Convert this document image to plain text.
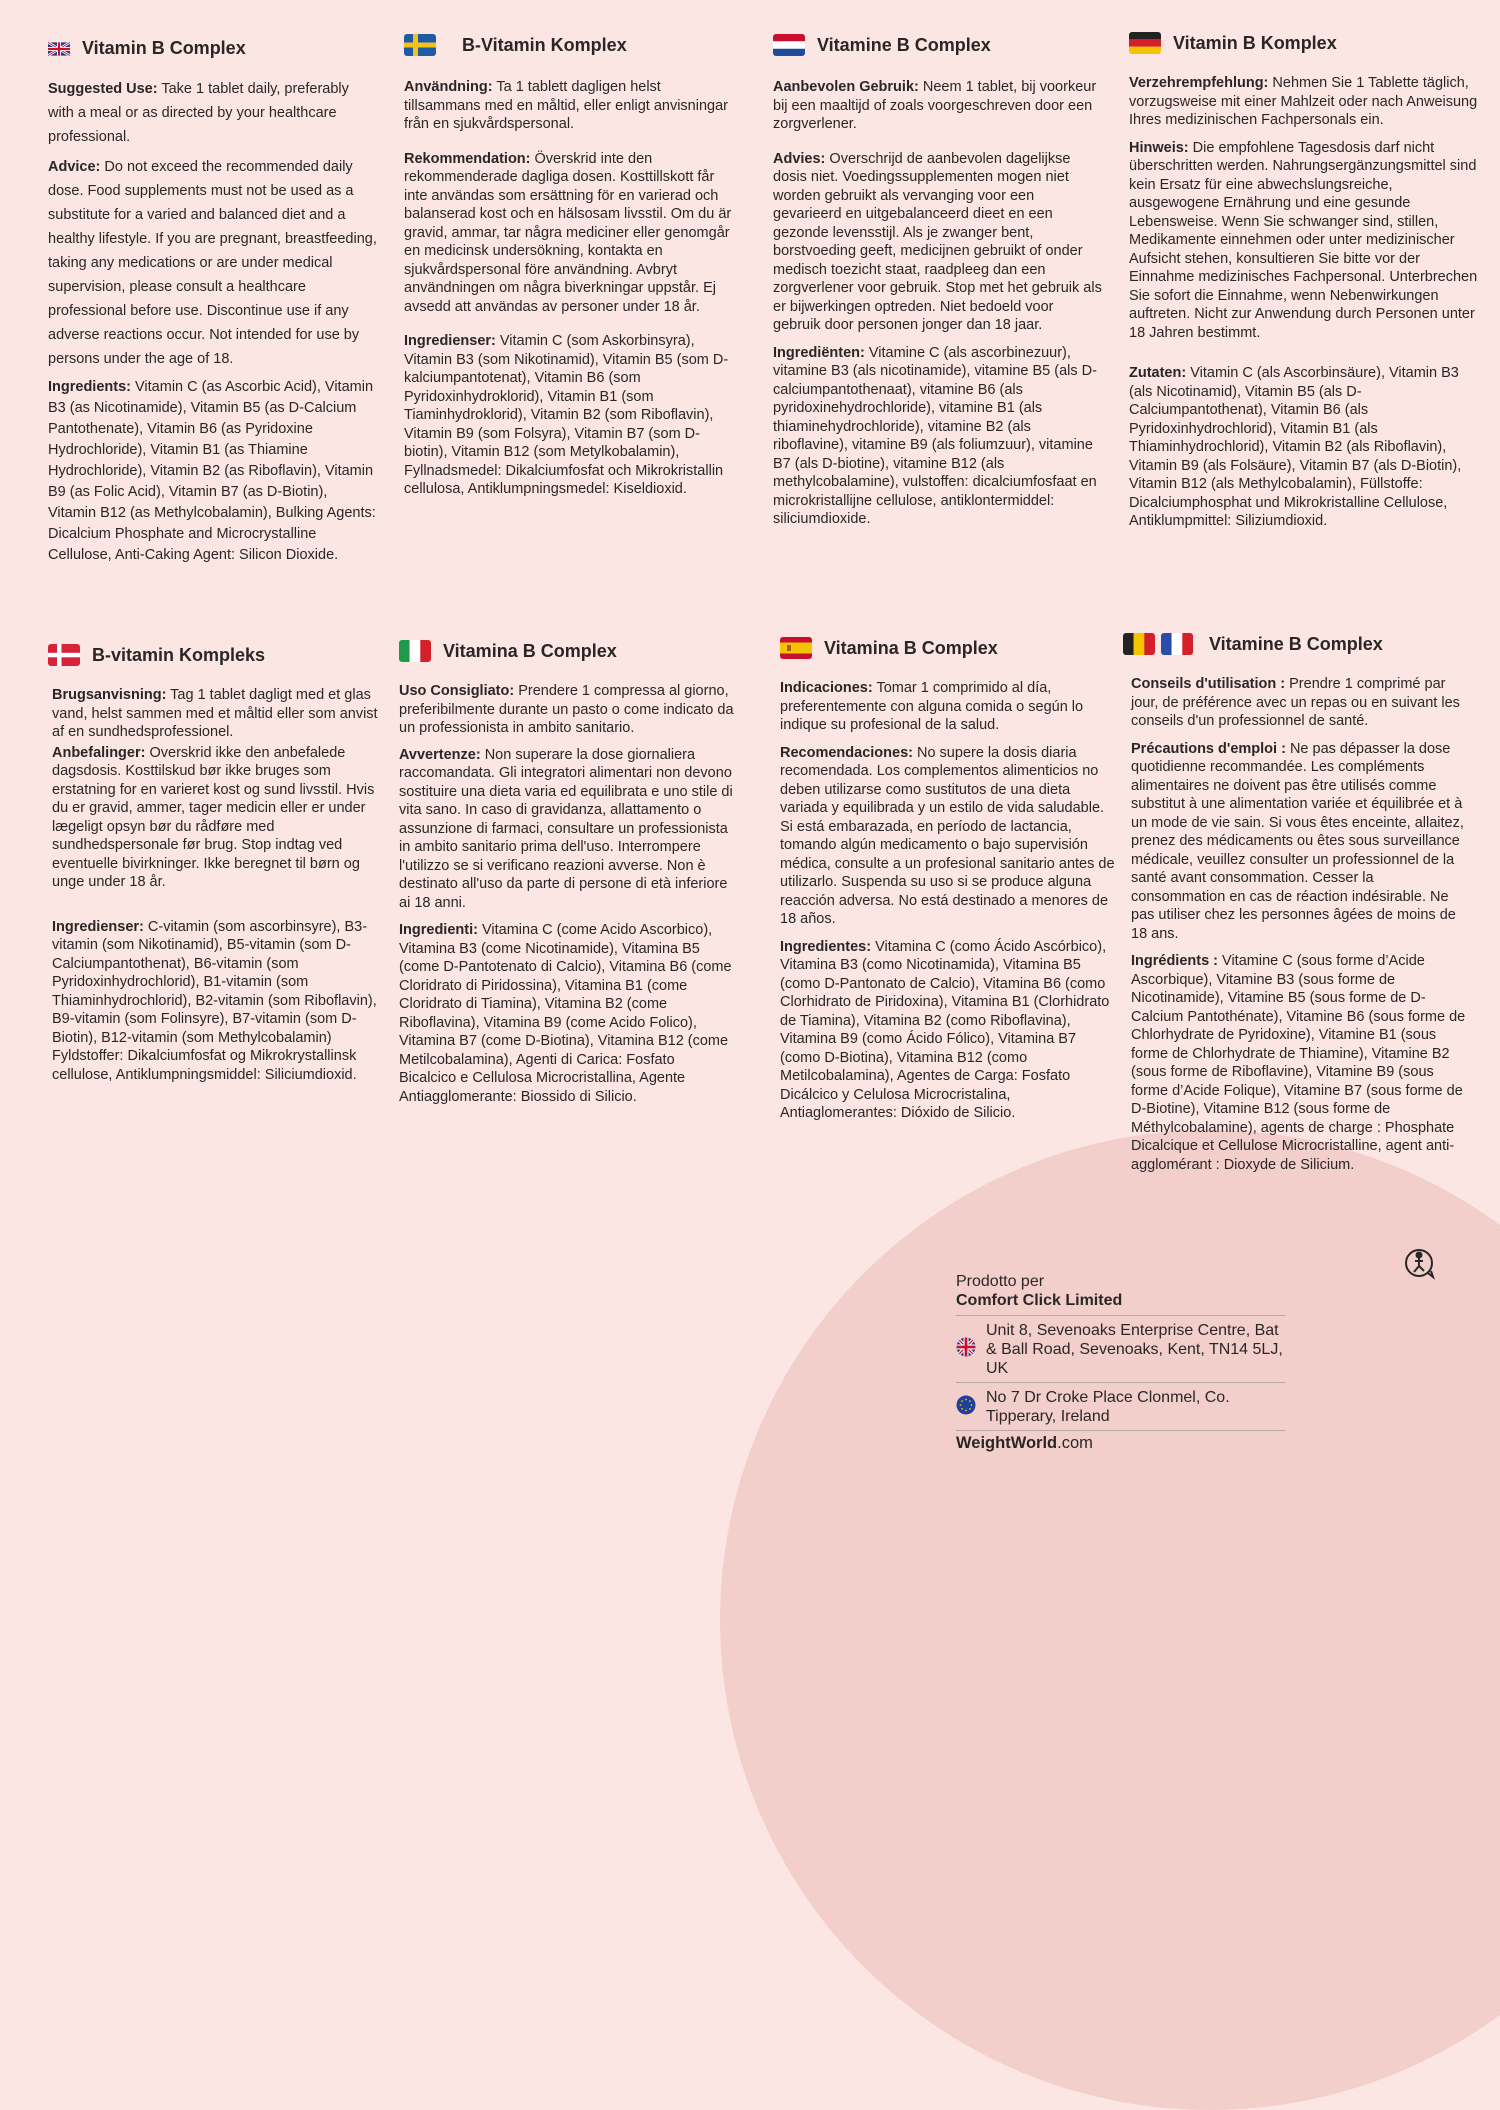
Vitamin B Complex

Suggested Use: Take 1 tablet daily, preferably with a meal or as directed by your healthcare professional.

Advice: Do not exceed the recommended daily dose. Food supplements must not be used as a substitute for a varied and balanced diet and a healthy lifestyle. If you are pregnant, breastfeeding, taking any medications or are under medical supervision, please consult a healthcare professional before use. Discontinue use if any adverse reactions occur. Not intended for use by persons under the age of 18.

Ingredients: Vitamin C (as Ascorbic Acid), Vitamin B3 (as Nicotinamide), Vitamin B5 (as D-Calcium Pantothenate), Vitamin B6 (as Pyridoxine Hydrochloride), Vitamin B1 (as Thiamine Hydrochloride), Vitamin B2 (as Riboflavin), Vitamin B9 (as Folic Acid), Vitamin B7 (as D-Biotin), Vitamin B12 (as Methylcobalamin), Bulking Agents: Dicalcium Phosphate and Microcrystalline Cellulose, Anti-Caking Agent: Silicon Dioxide.

B-Vitamin Komplex

Användning: Ta 1 tablett dagligen helst tillsammans med en måltid, eller enligt anvisningar från en sjukvårdspersonal.

Rekommendation: Överskrid inte den rekommenderade dagliga dosen. Kosttillskott får inte användas som ersättning för en varierad och balanserad kost och en hälsosam livsstil. Om du är gravid, ammar, tar några mediciner eller genomgår en medicinsk undersökning, kontakta en sjukvårdspersonal före användning. Avbryt användningen om några biverkningar uppstår. Ej avsedd att användas av personer under 18 år.

Ingredienser: Vitamin C (som Askorbinsyra), Vitamin B3 (som Nikotinamid), Vitamin B5 (som D-kalciumpantotenat), Vitamin B6 (som Pyridoxinhydroklorid), Vitamin B1 (som Tiaminhydroklorid), Vitamin B2 (som Riboflavin), Vitamin B9 (som Folsyra), Vitamin B7 (som D-biotin), Vitamin B12 (som Metylkobalamin), Fyllnadsmedel: Dikalciumfosfat och Mikrokristallin cellulosa, Antiklumpningsmedel: Kiseldioxid.

Vitamine B Complex

Aanbevolen Gebruik: Neem 1 tablet, bij voorkeur bij een maaltijd of zoals voorgeschreven door een zorgverlener.

Advies: Overschrijd de aanbevolen dagelijkse dosis niet. Voedingssupplementen mogen niet worden gebruikt als vervanging voor een gevarieerd en uitgebalanceerd dieet en een gezonde levensstijl. Als je zwanger bent, borstvoeding geeft, medicijnen gebruikt of onder medisch toezicht staat, raadpleeg dan een zorgverlener voor gebruik. Stop met het gebruik als er bijwerkingen optreden. Niet bedoeld voor gebruik door personen jonger dan 18 jaar.

Ingrediënten: Vitamine C (als ascorbinezuur), vitamine B3 (als nicotinamide), vitamine B5 (als D-calciumpantothenaat), vitamine B6 (als pyridoxinehydrochloride), vitamine B1 (als thiaminehydrochloride), vitamine B2 (als riboflavine), vitamine B9 (als foliumzuur), vitamine B7 (als D-biotine), vitamine B12 (als methylcobalamine), vulstoffen: dicalciumfosfaat en microkristallijne cellulose, antiklontermiddel: siliciumdioxide.

Vitamin B Komplex

Verzehrempfehlung: Nehmen Sie 1 Tablette täglich, vorzugsweise mit einer Mahlzeit oder nach Anweisung Ihres medizinischen Fachpersonals ein.

Hinweis: Die empfohlene Tagesdosis darf nicht überschritten werden. Nahrungsergänzungsmittel sind kein Ersatz für eine abwechslungsreiche, ausgewogene Ernährung und eine gesunde Lebensweise. Wenn Sie schwanger sind, stillen, Medikamente einnehmen oder unter medizinischer Aufsicht stehen, konsultieren Sie bitte vor der Einnahme medizinisches Fachpersonal. Unterbrechen Sie sofort die Einnahme, wenn Nebenwirkungen auftreten. Nicht zur Anwendung durch Personen unter 18 Jahren bestimmt.

Zutaten: Vitamin C (als Ascorbinsäure), Vitamin B3 (als Nicotinamid), Vitamin B5 (als D-Calciumpantothenat), Vitamin B6 (als Pyridoxinhydrochlorid), Vitamin B1 (als Thiaminhydrochlorid), Vitamin B2 (als Riboflavin), Vitamin B9 (als Folsäure), Vitamin B7 (als D-Biotin), Vitamin B12 (als Methylcobalamin), Füllstoffe: Dicalciumphosphat und Mikrokristalline Cellulose, Antiklumpmittel: Siliziumdioxid.

B-vitamin Kompleks

Brugsanvisning: Tag 1 tablet dagligt med et glas vand, helst sammen med et måltid eller som anvist af en sundhedsprofessionel.

Anbefalinger: Overskrid ikke den anbefalede dagsdosis. Kosttilskud bør ikke bruges som erstatning for en varieret kost og sund livsstil. Hvis du er gravid, ammer, tager medicin eller er under lægeligt opsyn bør du rådføre med sundhedspersonale før brug. Stop indtag ved eventuelle bivirkninger. Ikke beregnet til børn og unge under 18 år.

Ingredienser: C-vitamin (som ascorbinsyre), B3-vitamin (som Nikotinamid), B5-vitamin (som D-Calciumpantothenat), B6-vitamin (som Pyridoxinhydrochlorid), B1-vitamin (som Thiaminhydrochlorid), B2-vitamin (som Riboflavin), B9-vitamin (som Folinsyre), B7-vitamin (som D-Biotin), B12-vitamin (som Methylcobalamin) Fyldstoffer: Dikalciumfosfat og Mikrokrystallinsk cellulose, Antiklumpningsmiddel: Siliciumdioxid.

Vitamina B Complex

Uso Consigliato: Prendere 1 compressa al giorno, preferibilmente durante un pasto o come indicato da un professionista in ambito sanitario.

Avvertenze: Non superare la dose giornaliera raccomandata. Gli integratori alimentari non devono sostituire una dieta varia ed equilibrata e uno stile di vita sano. In caso di gravidanza, allattamento o assunzione di farmaci, consultare un professionista in ambito sanitario prima dell'uso. Interrompere l'utilizzo se si verificano reazioni avverse. Non è destinato all'uso da parte di persone di età inferiore ai 18 anni.

Ingredienti: Vitamina C (come Acido Ascorbico), Vitamina B3 (come Nicotinamide), Vitamina B5 (come D-Pantotenato di Calcio), Vitamina B6 (come Cloridrato di Piridossina), Vitamina B1 (come Cloridrato di Tiamina), Vitamina B2 (come Riboflavina), Vitamina B9 (come Acido Folico), Vitamina B7 (come D-Biotina), Vitamina B12 (come Metilcobalamina), Agenti di Carica: Fosfato Bicalcico e Cellulosa Microcristallina, Agente Antiagglomerante: Biossido di Silicio.

Vitamina B Complex

Indicaciones: Tomar 1 comprimido al día, preferentemente con alguna comida o según lo indique su profesional de la salud.

Recomendaciones: No supere la dosis diaria recomendada. Los complementos alimenticios no deben utilizarse como sustitutos de una dieta variada y equilibrada y un estilo de vida saludable. Si está embarazada, en período de lactancia, tomando algún medicamento o bajo supervisión médica, consulte a un profesional sanitario antes de utilizarlo. Suspenda su uso si se produce alguna reacción adversa. No está destinado a menores de 18 años.

Ingredientes: Vitamina C (como Ácido Ascórbico), Vitamina B3 (como Nicotinamida), Vitamina B5 (como D-Pantonato de Calcio), Vitamina B6 (como Clorhidrato de Piridoxina), Vitamina B1 (Clorhidrato de Tiamina), Vitamina B2 (como Riboflavina), Vitamina B9 (como Ácido Fólico), Vitamina B7 (como D-Biotina), Vitamina B12 (como Metilcobalamina), Agentes de Carga: Fosfato Dicálcico y Celulosa Microcristalina, Antiaglomerantes: Dióxido de Silicio.

Vitamine B Complex

Conseils d'utilisation : Prendre 1 comprimé par jour, de préférence avec un repas ou en suivant les conseils d'un professionnel de santé.

Précautions d'emploi : Ne pas dépasser la dose quotidienne recommandée. Les compléments alimentaires ne doivent pas être utilisés comme substitut à une alimentation variée et équilibrée et à un mode de vie sain. Si vous êtes enceinte, allaitez, prenez des médicaments ou êtes sous surveillance médicale, veuillez consulter un professionnel de la santé avant consommation. Cesser la consommation en cas de réaction indésirable. Ne pas utiliser chez les personnes âgées de moins de 18 ans.

Ingrédients : Vitamine C (sous forme d’Acide Ascorbique), Vitamine B3 (sous forme de Nicotinamide), Vitamine B5 (sous forme de D-Calcium Pantothénate), Vitamine B6 (sous forme de Chlorhydrate de Pyridoxine), Vitamine B1 (sous forme de Chlorhydrate de Thiamine), Vitamine B2 (sous forme de Riboflavine), Vitamine B9 (sous forme d’Acide Folique), Vitamine B7 (sous forme de D-Biotine), Vitamine B12 (sous forme de Méthylcobalamine), agents de charge : Phosphate Dicalcique et Cellulose Microcristalline, agent anti-agglomérant : Dioxyde de Silicium.

Prodotto per
Comfort Click Limited
Unit 8, Sevenoaks Enterprise Centre, Bat & Ball Road, Sevenoaks, Kent, TN14 5LJ, UK
No 7 Dr Croke Place Clonmel, Co. Tipperary, Ireland
WeightWorld.com
